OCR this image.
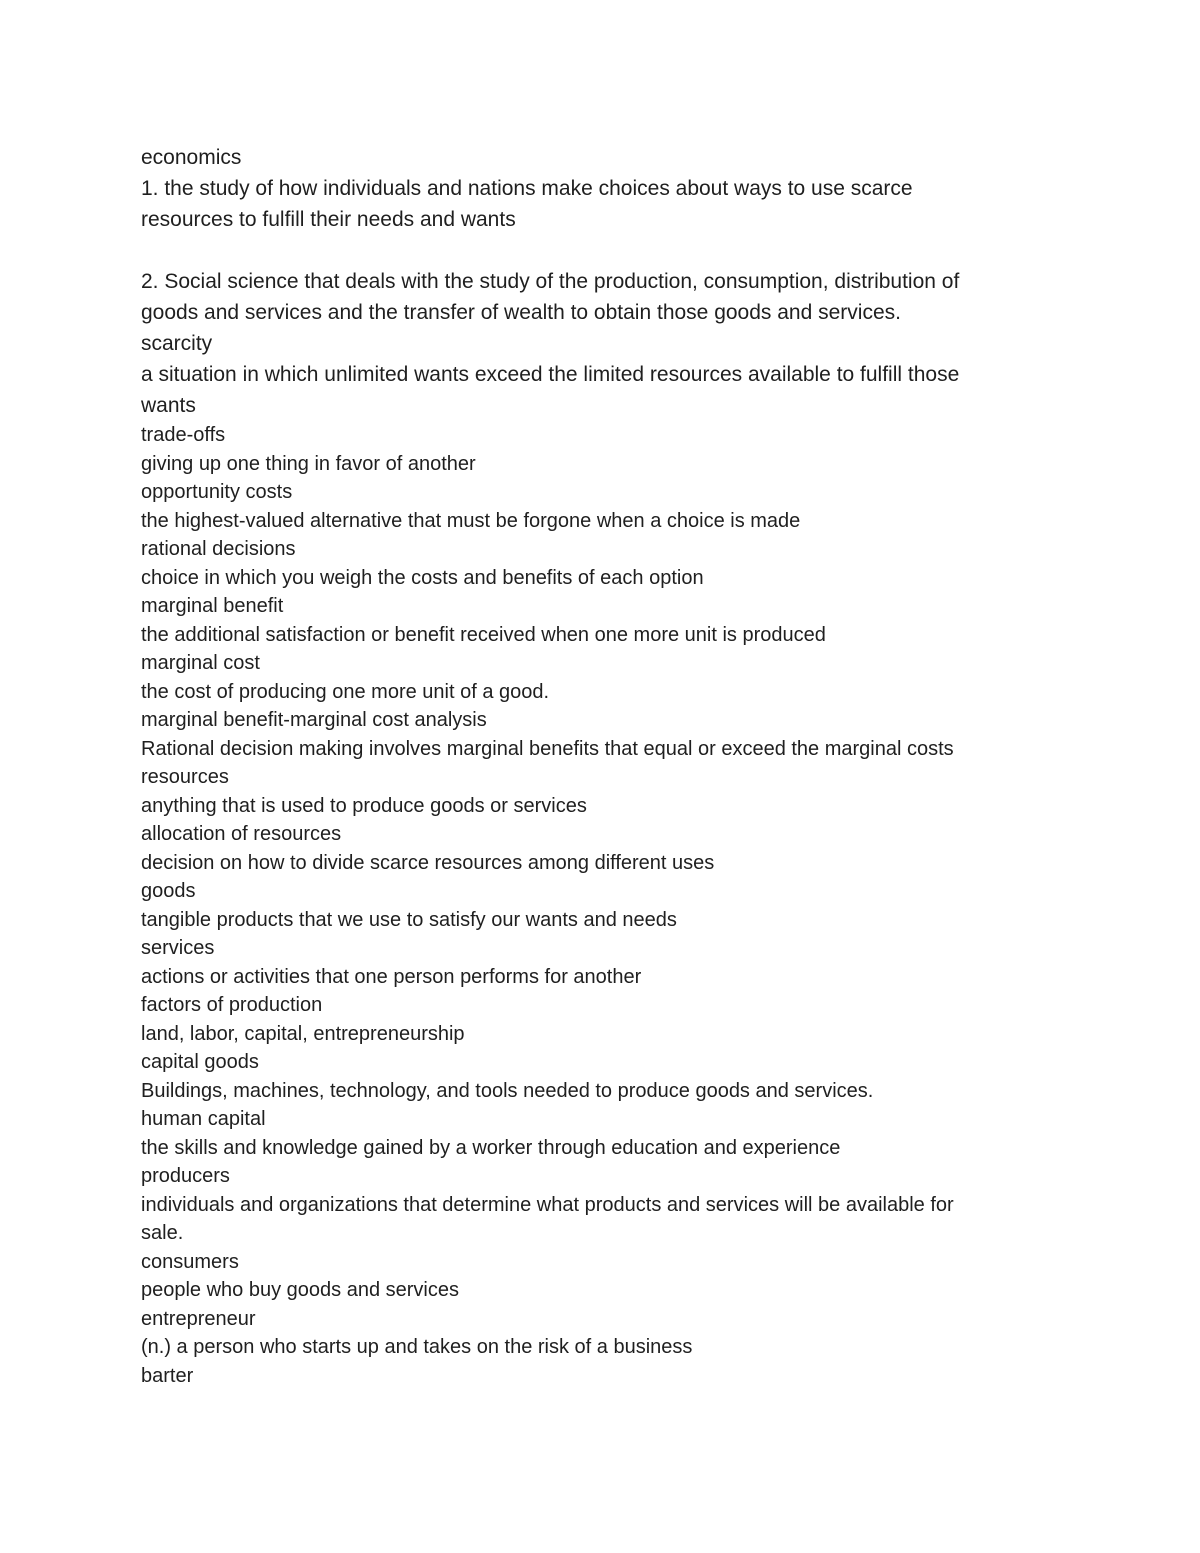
economics
1. the study of how individuals and nations make choices about ways to use scarce
resources to fulfill their needs and wants
2. Social science that deals with the study of the production, consumption, distribution of
goods and services and the transfer of wealth to obtain those goods and services.
scarcity
a situation in which unlimited wants exceed the limited resources available to fulfill those
wants
trade-offs
giving up one thing in favor of another
opportunity costs
the highest-valued alternative that must be forgone when a choice is made
rational decisions
choice in which you weigh the costs and benefits of each option
marginal benefit
the additional satisfaction or benefit received when one more unit is produced
marginal cost
the cost of producing one more unit of a good.
marginal benefit-marginal cost analysis
Rational decision making involves marginal benefits that equal or exceed the marginal costs
resources
anything that is used to produce goods or services
allocation of resources
decision on how to divide scarce resources among different uses
goods
tangible products that we use to satisfy our wants and needs
services
actions or activities that one person performs for another
factors of production
land, labor, capital, entrepreneurship
capital goods
Buildings, machines, technology, and tools needed to produce goods and services.
human capital
the skills and knowledge gained by a worker through education and experience
producers
individuals and organizations that determine what products and services will be available for
sale.
consumers
people who buy goods and services
entrepreneur
(n.) a person who starts up and takes on the risk of a business
barter
